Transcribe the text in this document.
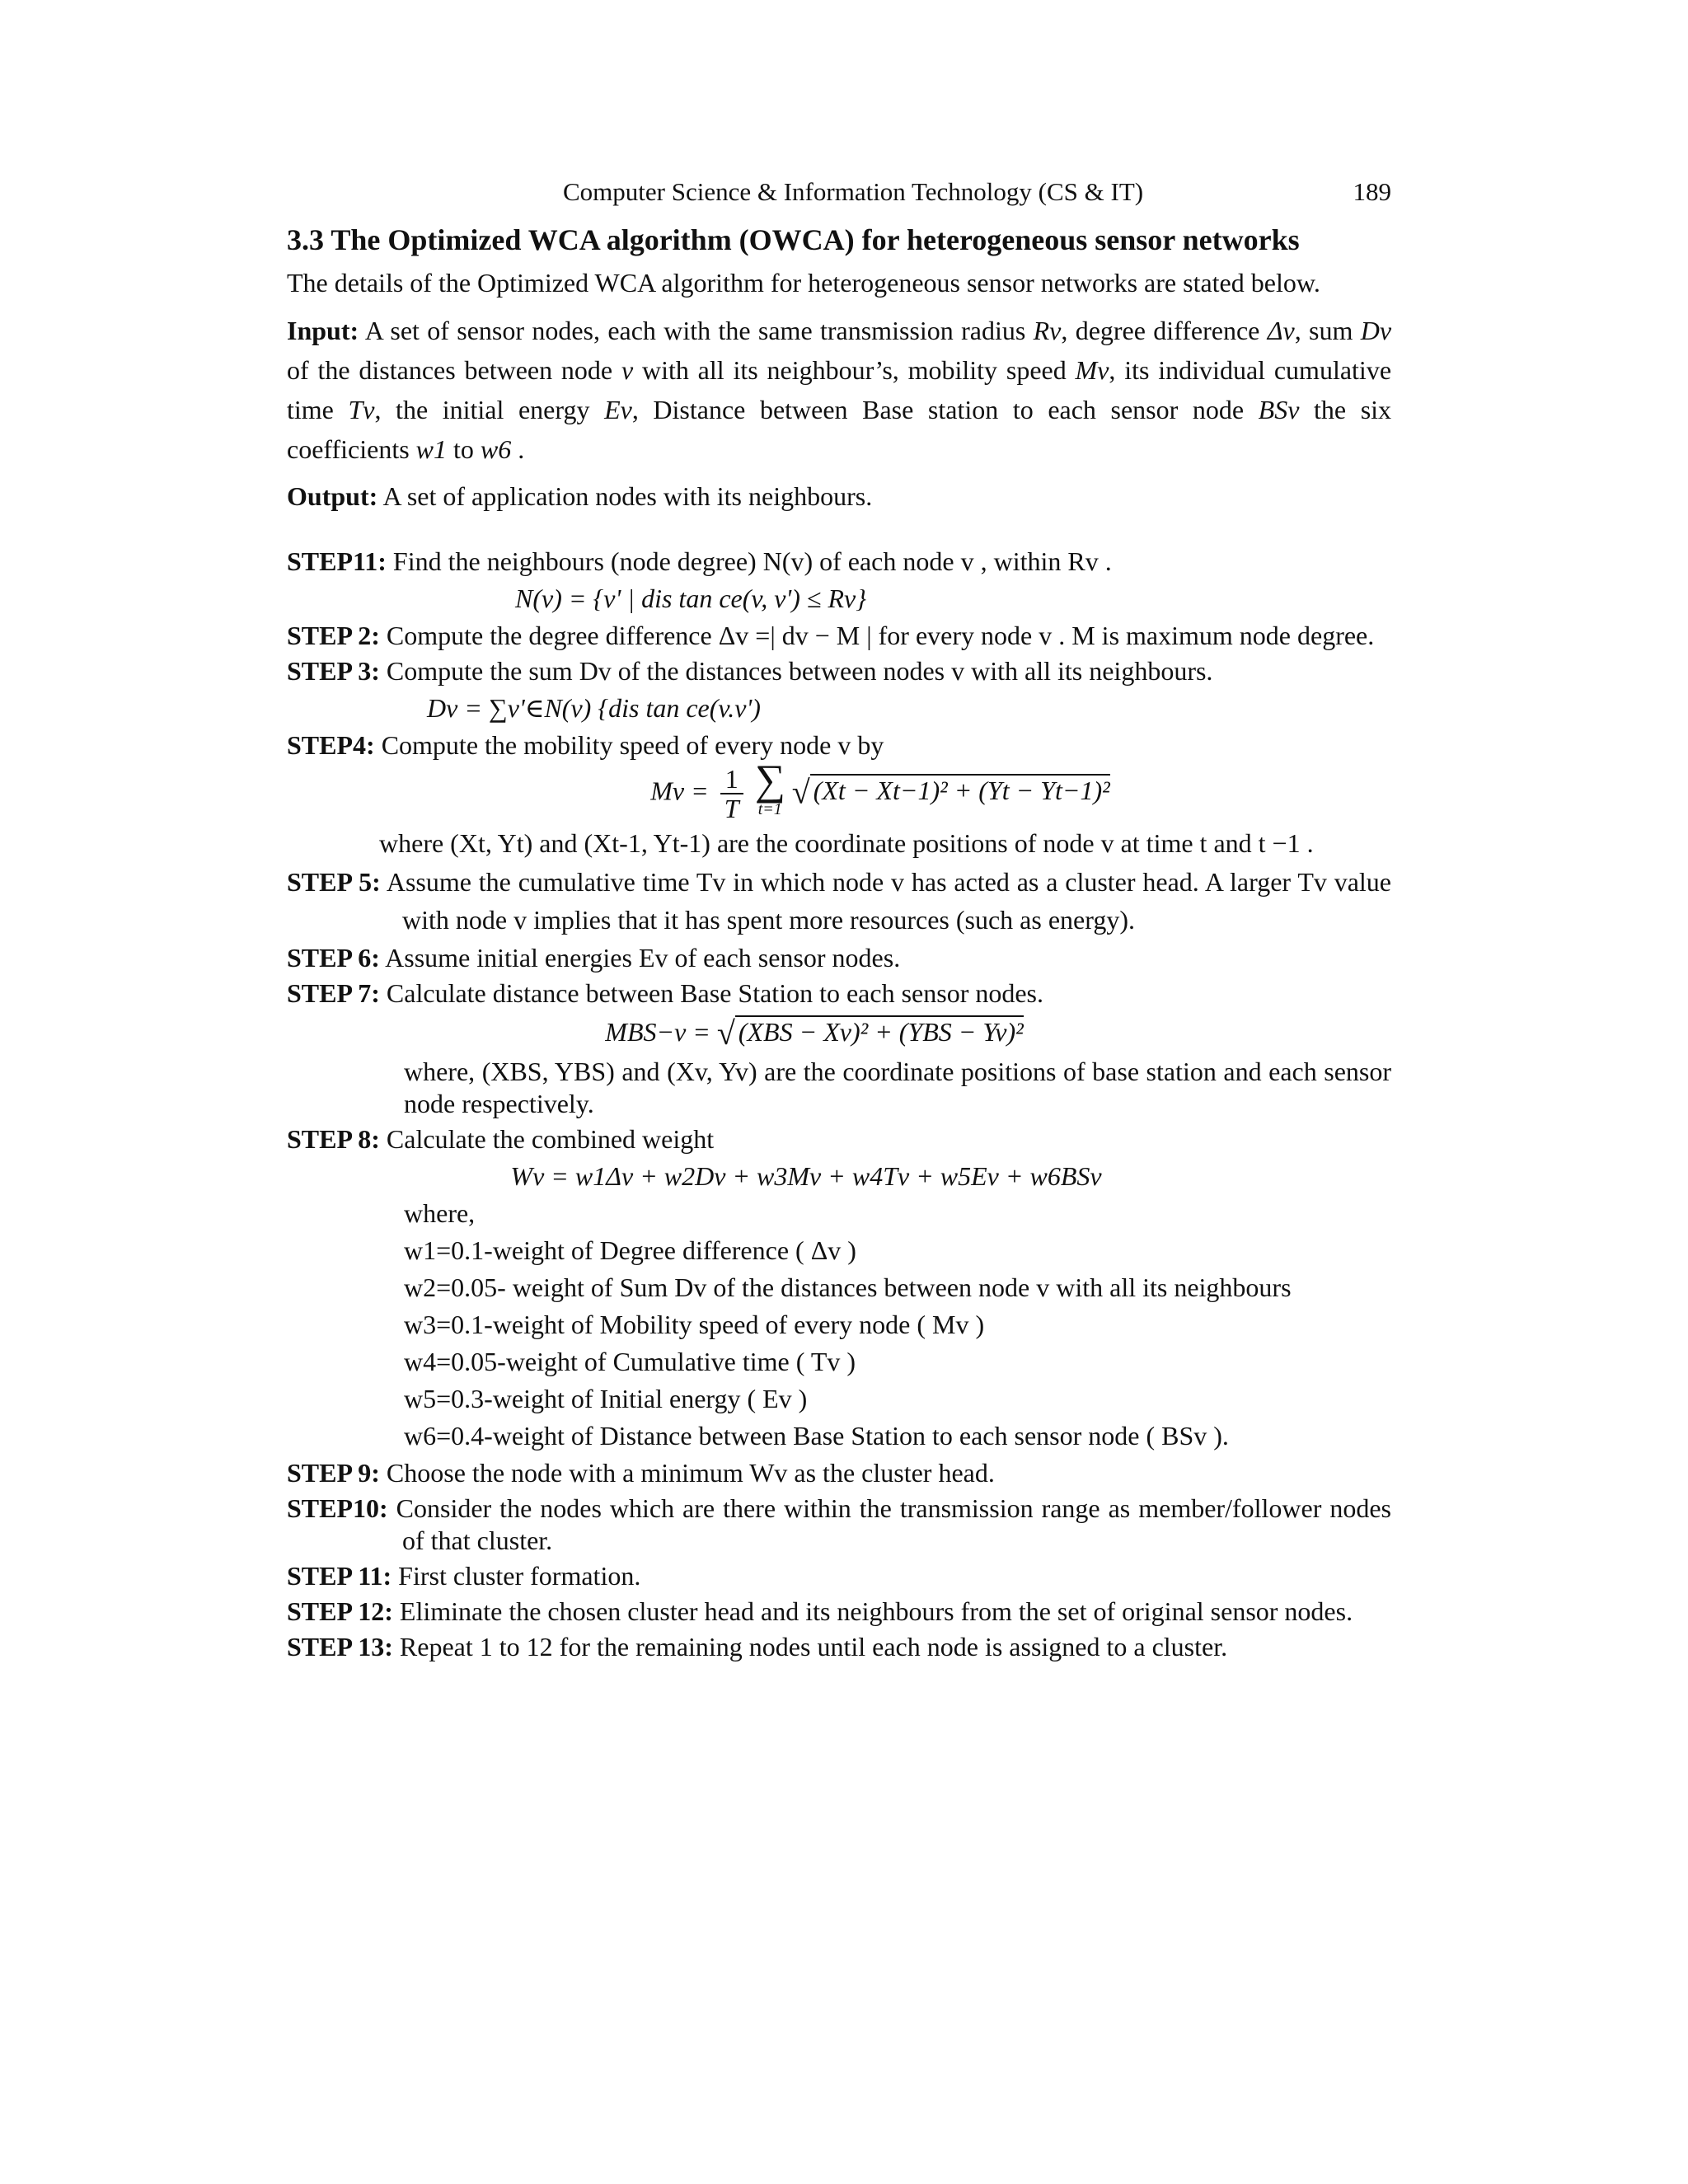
Computer Science & Information Technology (CS & IT)	189
3.3 The Optimized WCA algorithm (OWCA) for heterogeneous sensor networks

The details of the Optimized WCA algorithm for heterogeneous sensor networks are stated below.

Input: A set of sensor nodes, each with the same transmission radius Rv, degree difference Δv, sum Dv of the distances between node v with all its neighbour’s, mobility speed Mv, its individual cumulative time Tv, the initial energy Ev, Distance between Base station to each sensor node BSv the six coefficients w1 to w6 .

Output: A set of application nodes with its neighbours.

STEP11: Find the neighbours (node degree) N(v) of each node v , within Rv .

N(v) = {v' | dis tan ce(v, v') ≤ Rv}

STEP 2: Compute the degree difference Δv =| dv − M | for every node v . M is maximum node degree.

STEP 3: Compute the sum Dv of the distances between nodes v with all its neighbours.

Dv = ∑v'∈N(v) {dis tan ce(v.v')

STEP4: Compute the mobility speed of every node v by

$Mv = \frac{1}{T}$ ∑
t=1 √ (Xt − Xt−1)² + (Yt − Yt−1)²

where (Xt, Yt) and (Xt-1, Yt-1) are the coordinate positions of node v at time t and t −1 .

STEP 5: Assume the cumulative time Tv in which node v has acted as a cluster head. A larger Tv value with node v implies that it has spent more resources (such as energy).

STEP 6: Assume initial energies Ev of each sensor nodes.

STEP 7: Calculate distance between Base Station to each sensor nodes.

MBS−v = √ (XBS − Xv)² + (YBS − Yv)²

where, (XBS, YBS) and (Xv, Yv) are the coordinate positions of base station and each sensor node respectively.

STEP 8: Calculate the combined weight

Wv = w1Δv + w2Dv + w3Mv + w4Tv + w5Ev + w6BSv

where,

w1=0.1-weight of Degree difference ( Δv )
w2=0.05- weight of Sum Dv of the distances between node v with all its neighbours
w3=0.1-weight of Mobility speed of every node ( Mv )
w4=0.05-weight of Cumulative time ( Tv )
w5=0.3-weight of Initial energy ( Ev )
w6=0.4-weight of Distance between Base Station to each sensor node ( BSv ).

STEP 9: Choose the node with a minimum Wv as the cluster head.

STEP10: Consider the nodes which are there within the transmission range as member/follower nodes of that cluster.

STEP 11: First cluster formation.

STEP 12: Eliminate the chosen cluster head and its neighbours from the set of original sensor nodes.

STEP 13: Repeat 1 to 12 for the remaining nodes until each node is assigned to a cluster.
